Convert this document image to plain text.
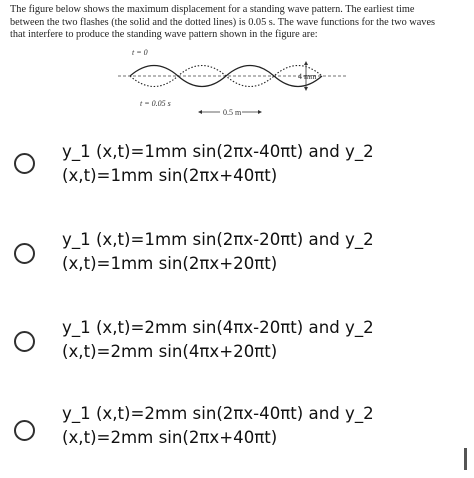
The figure below shows the maximum displacement for a standing wave pattern. The earliest time
between the two flashes (the solid and the dotted lines) is 0.05 s. The wave functions for the two waves
that interfere to produce the standing wave pattern shown in the figure are:
t = 0
4 mm
t = 0.05 s
0.5 m
y_1 (x,t)=1mm sin(2πx-40πt) and y_2
(x,t)=1mm sin(2πx+40πt)
y_1 (x,t)=1mm sin(2πx-20πt) and y_2
(x,t)=1mm sin(2πx+20πt)
y_1 (x,t)=2mm sin(4πx-20πt) and y_2
(x,t)=2mm sin(4πx+20πt)
y_1 (x,t)=2mm sin(2πx-40πt) and y_2
(x,t)=2mm sin(2πx+40πt)
